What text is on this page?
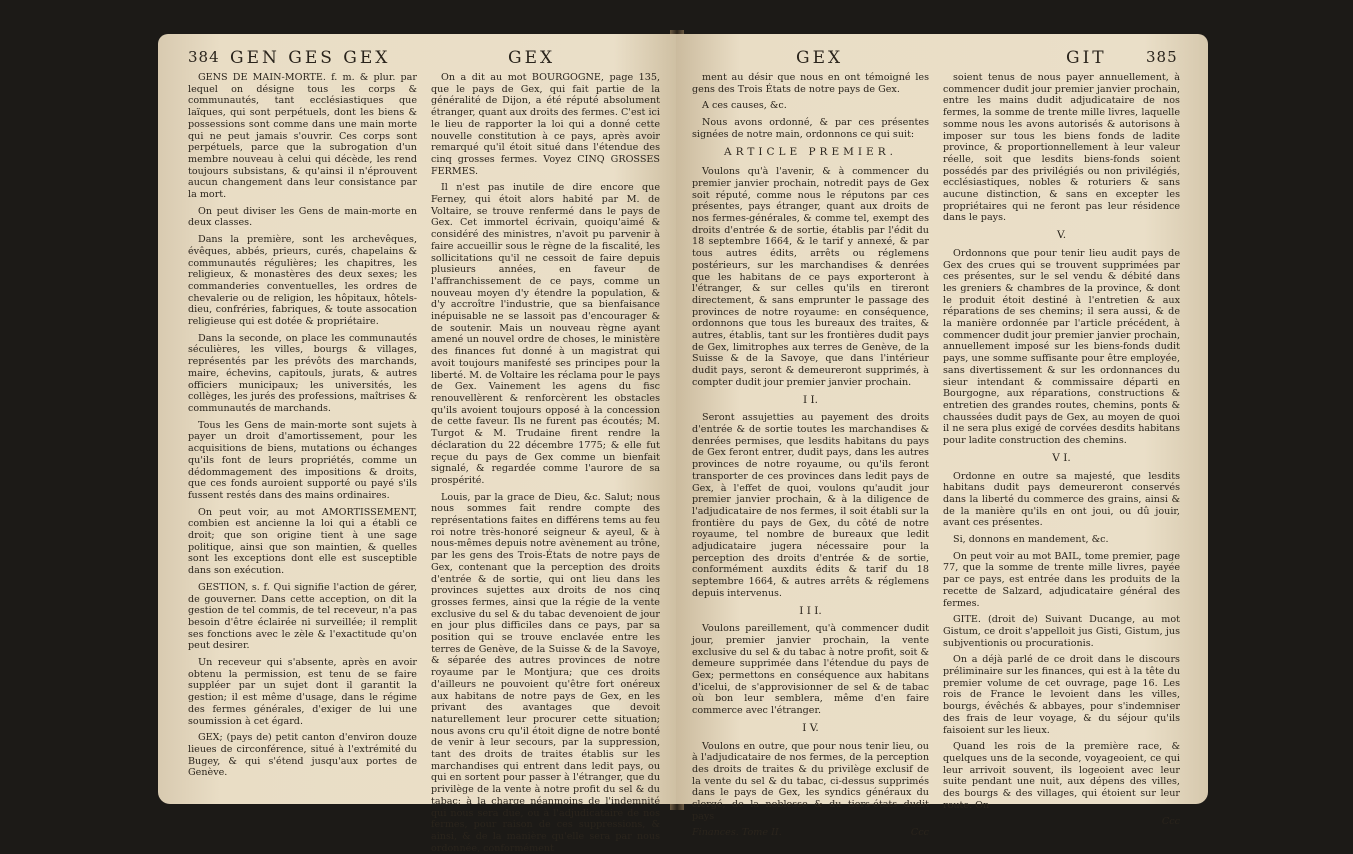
384 GEN GES GEX	GEX

GENS DE MAIN-MORTE. f. m. & plur. par lequel on désigne tous les corps & communautés, tant ecclésiastiques que laïques, qui sont perpétuels, dont les biens & possessions sont comme dans une main morte qui ne peut jamais s'ouvrir. Ces corps sont perpétuels, parce que la subrogation d'un membre nouveau à celui qui décède, les rend toujours subsistans, & qu'ainsi il n'éprouvent aucun changement dans leur consistance par la mort.

On peut diviser les Gens de main-morte en deux classes.

Dans la première, sont les archevêques, évêques, abbés, prieurs, curés, chapelains & communautés régulières; les chapitres, les religieux, & monastères des deux sexes; les commanderies conventuelles, les ordres de chevalerie ou de religion, les hôpitaux, hôtels-dieu, confréries, fabriques, & toute assocation religieuse qui est dotée & propriétaire.

Dans la seconde, on place les communautés séculières, les villes, bourgs & villages, représentés par les prévôts des marchands, maire, échevins, capitouls, jurats, & autres officiers municipaux; les universités, les collèges, les jurés des professions, maîtrises & communautés de marchands.

Tous les Gens de main-morte sont sujets à payer un droit d'amortissement, pour les acquisitions de biens, mutations ou échanges qu'ils font de leurs propriétés, comme un dédommagement des impositions & droits, que ces fonds auroient supporté ou payé s'ils fussent restés dans des mains ordinaires.

On peut voir, au mot AMORTISSEMENT, combien est ancienne la loi qui a établi ce droit; que son origine tient à une sage politique, ainsi que son maintien, & quelles sont les exceptions dont elle est susceptible dans son exécution.

GESTION, s. f. Qui signifie l'action de gérer, de gouverner. Dans cette acception, on dit la gestion de tel commis, de tel receveur, n'a pas besoin d'être éclairée ni surveillée; il remplit ses fonctions avec le zèle & l'exactitude qu'on peut desirer.

Un receveur qui s'absente, après en avoir obtenu la permission, est tenu de se faire suppléer par un sujet dont il garantit la gestion; il est même d'usage, dans le régime des fermes générales, d'exiger de lui une soumission à cet égard.

GEX; (pays de) petit canton d'environ douze lieues de circonférence, situé à l'extrémité du Bugey, & qui s'étend jusqu'aux portes de Genève.

On a dit au mot BOURGOGNE, page 135, que le pays de Gex, qui fait partie de la généralité de Dijon, a été réputé absolument étranger, quant aux droits des fermes. C'est ici le lieu de rapporter la loi qui a donné cette nouvelle constitution à ce pays, après avoir remarqué qu'il étoit situé dans l'étendue des cinq grosses fermes. Voyez CINQ GROSSES FERMES.

Il n'est pas inutile de dire encore que Ferney, qui étoit alors habité par M. de Voltaire, se trouve renfermé dans le pays de Gex. Cet immortel écrivain, quoiqu'aimé & considéré des ministres, n'avoit pu parvenir à faire accueillir sous le règne de la fiscalité, les sollicitations qu'il ne cessoit de faire depuis plusieurs années, en faveur de l'affranchissement de ce pays, comme un nouveau moyen d'y étendre la population, & d'y accroître l'industrie, que sa bienfaisance inépuisable ne se lassoit pas d'encourager & de soutenir. Mais un nouveau règne ayant amené un nouvel ordre de choses, le ministère des finances fut donné à un magistrat qui avoit toujours manifesté ses principes pour la liberté. M. de Voltaire les réclama pour le pays de Gex. Vainement les agens du fisc renouvellèrent & renforcèrent les obstacles qu'ils avoient toujours opposé à la concession de cette faveur. Ils ne furent pas écoutés; M. Turgot & M. Trudaine firent rendre la déclaration du 22 décembre 1775; & elle fut reçue du pays de Gex comme un bienfait signalé, & regardée comme l'aurore de sa prospérité.

Louis, par la grace de Dieu, &c. Salut; nous nous sommes fait rendre compte des représentations faites en différens tems au feu roi notre très-honoré seigneur & ayeul, & à nous-mêmes depuis notre avènement au trône, par les gens des Trois-États de notre pays de Gex, contenant que la perception des droits d'entrée & de sortie, qui ont lieu dans les provinces sujettes aux droits de nos cinq grosses fermes, ainsi que la régie de la vente exclusive du sel & du tabac devenoient de jour en jour plus difficiles dans ce pays, par sa position qui se trouve enclavée entre les terres de Genève, de la Suisse & de la Savoye, & séparée des autres provinces de notre royaume par le Montjura; que ces droits d'ailleurs ne pouvoient qu'être fort onéreux aux habitans de notre pays de Gex, en les privant des avantages que devoit naturellement leur procurer cette situation; nous avons cru qu'il étoit digne de notre bonté de venir à leur secours, par la suppression, tant des droits de traites établis sur les marchandises qui entrent dans ledit pays, ou qui en sortent pour passer à l'étranger, que du privilège de la vente à notre profit du sel & du tabac; à la charge néanmoins de l'indemnité qui nous sera due, ou à l'adjudicataire de nos fermes, pour raison de ces suppressions, & ainsi, & de la manière qu'elle sera par nous ordonnée, conformément

GEX	GIT	385

ment au désir que nous en ont témoigné les gens des Trois États de notre pays de Gex.

A ces causes, &c.

Nous avons ordonné, & par ces présentes signées de notre main, ordonnons ce qui suit:

ARTICLE PREMIER.

Voulons qu'à l'avenir, & à commencer du premier janvier prochain, notredit pays de Gex soit réputé, comme nous le réputons par ces présentes, pays étranger, quant aux droits de nos fermes-générales, & comme tel, exempt des droits d'entrée & de sortie, établis par l'édit du 18 septembre 1664, & le tarif y annexé, & par tous autres édits, arrêts ou réglemens postérieurs, sur les marchandises & denrées que les habitans de ce pays exporteront à l'étranger, & sur celles qu'ils en tireront directement, & sans emprunter le passage des provinces de notre royaume: en conséquence, ordonnons que tous les bureaux des traites, & autres, établis, tant sur les frontières dudit pays de Gex, limitrophes aux terres de Genève, de la Suisse & de la Savoye, que dans l'intérieur dudit pays, seront & demeureront supprimés, à compter dudit jour premier janvier prochain.

I I.

Seront assujetties au payement des droits d'entrée & de sortie toutes les marchandises & denrées permises, que lesdits habitans du pays de Gex feront entrer, dudit pays, dans les autres provinces de notre royaume, ou qu'ils feront transporter de ces provinces dans ledit pays de Gex, à l'effet de quoi, voulons qu'audit jour premier janvier prochain, & à la diligence de l'adjudicataire de nos fermes, il soit établi sur la frontière du pays de Gex, du côté de notre royaume, tel nombre de bureaux que ledit adjudicataire jugera nécessaire pour la perception des droits d'entrée & de sortie, conformément auxdits édits & tarif du 18 septembre 1664, & autres arrêts & réglemens depuis intervenus.

I I I.

Voulons pareillement, qu'à commencer dudit jour, premier janvier prochain, la vente exclusive du sel & du tabac à notre profit, soit & demeure supprimée dans l'étendue du pays de Gex; permettons en conséquence aux habitans d'icelui, de s'approvisionner de sel & de tabac où bon leur semblera, même d'en faire commerce avec l'étranger.

I V.

Voulons en outre, que pour nous tenir lieu, ou à l'adjudicataire de nos fermes, de la perception des droits de traites & du privilège exclusif de la vente du sel & du tabac, ci-dessus supprimés dans le pays de Gex, les syndics généraux du clergé, de la noblesse & du tiers-états dudit pays

Finances. Tome II.	Ccc

soient tenus de nous payer annuellement, à commencer dudit jour premier janvier prochain, entre les mains dudit adjudicataire de nos fermes, la somme de trente mille livres, laquelle somme nous les avons autorisés & autorisons à imposer sur tous les biens fonds de ladite province, & proportionnellement à leur valeur réelle, soit que lesdits biens-fonds soient possédés par des privilégiés ou non privilégiés, ecclésiastiques, nobles & roturiers & sans aucune distinction, & sans en excepter les propriétaires qui ne feront pas leur résidence dans le pays.

V.

Ordonnons que pour tenir lieu audit pays de Gex des crues qui se trouvent supprimées par ces présentes, sur le sel vendu & débité dans les greniers & chambres de la province, & dont le produit étoit destiné à l'entretien & aux réparations de ses chemins; il sera aussi, & de la manière ordonnée par l'article précédent, à commencer dudit jour premier janvier prochain, annuellement imposé sur les biens-fonds dudit pays, une somme suffisante pour être employée, sans divertissement & sur les ordonnances du sieur intendant & commissaire départi en Bourgogne, aux réparations, constructions & entretien des grandes routes, chemins, ponts & chaussées dudit pays de Gex, au moyen de quoi il ne sera plus exigé de corvées desdits habitans pour ladite construction des chemins.

V I.

Ordonne en outre sa majesté, que lesdits habitans dudit pays demeureront conservés dans la liberté du commerce des grains, ainsi & de la manière qu'ils en ont joui, ou dû jouir, avant ces présentes.

Si, donnons en mandement, &c.

On peut voir au mot BAIL, tome premier, page 77, que la somme de trente mille livres, payée par ce pays, est entrée dans les produits de la recette de Salzard, adjudicataire général des fermes.

GITE. (droit de) Suivant Ducange, au mot Gistum, ce droit s'appelloit jus Gisti, Gistum, jus subjventionis ou procurationis.

On a déjà parlé de ce droit dans le discours préliminaire sur les finances, qui est à la tête du premier volume de cet ouvrage, page 16. Les rois de France le levoient dans les villes, bourgs, évêchés & abbayes, pour s'indemniser des frais de leur voyage, & du séjour qu'ils faisoient sur les lieux.

Quand les rois de la première race, & quelques uns de la seconde, voyageoient, ce qui leur arrivoit souvent, ils logeoient avec leur suite pendant une nuit, aux dépens des villes, des bourgs & des villages, qui étoient sur leur route. On

Ccc
